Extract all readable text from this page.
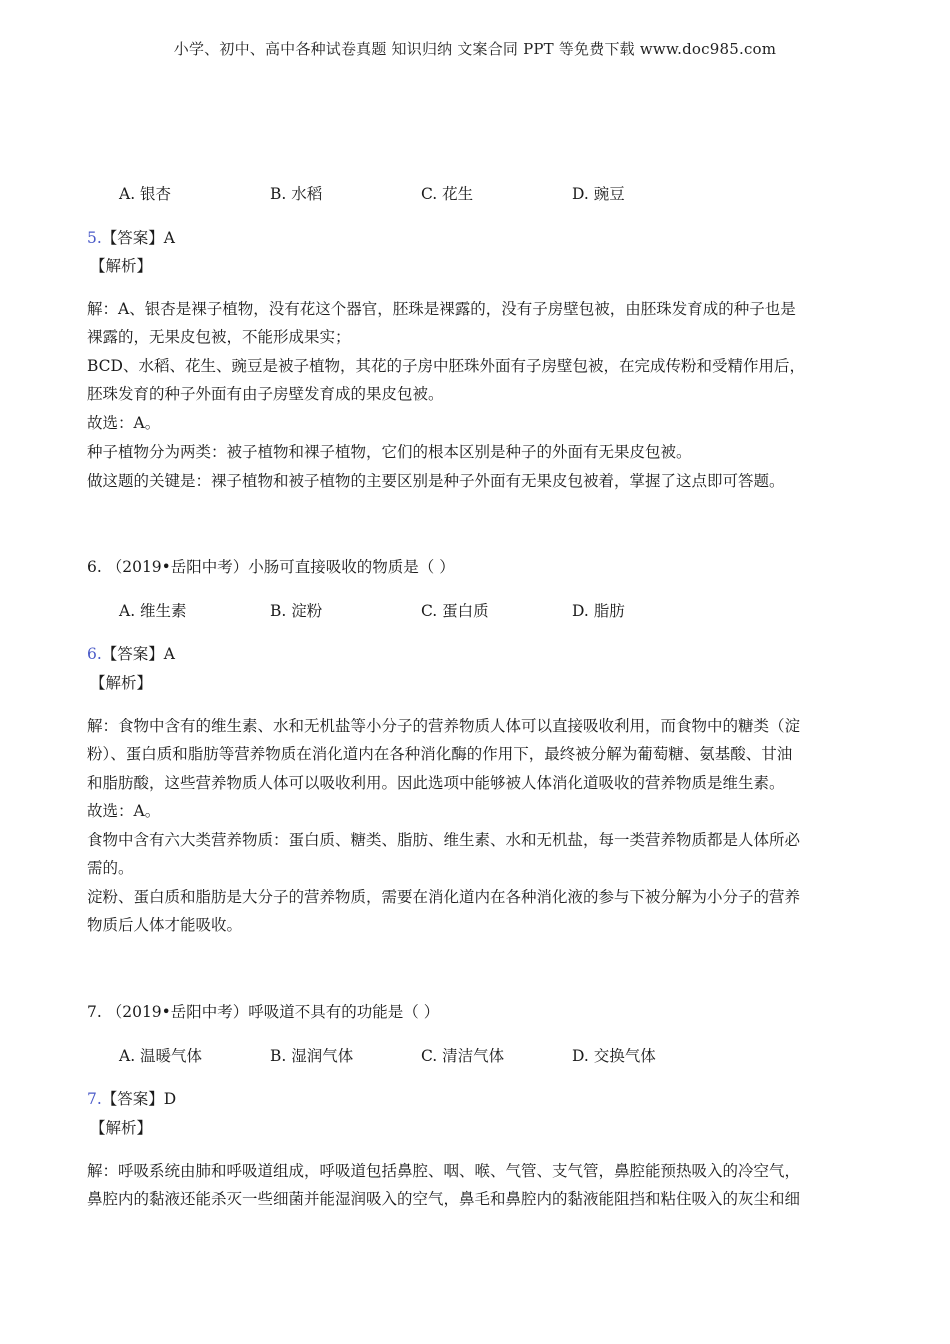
小学、初中、高中各种试卷真题 知识归纳 文案合同 PPT 等免费下载 www.doc985.com
A. 银杏	B. 水稻	C. 花生	D. 豌豆
5.【答案】A
【解析】
解：A、银杏是裸子植物，没有花这个器官，胚珠是裸露的，没有子房壁包被，由胚珠发育成的种子也是
裸露的，无果皮包被，不能形成果实；
BCD、水稻、花生、豌豆是被子植物，其花的子房中胚珠外面有子房壁包被，在完成传粉和受精作用后，
胚珠发育的种子外面有由子房壁发育成的果皮包被。
故选：A。
种子植物分为两类：被子植物和裸子植物，它们的根本区别是种子的外面有无果皮包被。
做这题的关键是：裸子植物和被子植物的主要区别是种子外面有无果皮包被着，掌握了这点即可答题。
6. （2019•岳阳中考）小肠可直接吸收的物质是（ ）
A. 维生素	B. 淀粉	C. 蛋白质	D. 脂肪
6.【答案】A
【解析】
解：食物中含有的维生素、水和无机盐等小分子的营养物质人体可以直接吸收利用，而食物中的糖类（淀
粉）、蛋白质和脂肪等营养物质在消化道内在各种消化酶的作用下，最终被分解为葡萄糖、氨基酸、甘油
和脂肪酸，这些营养物质人体可以吸收利用。因此选项中能够被人体消化道吸收的营养物质是维生素。
故选：A。
食物中含有六大类营养物质：蛋白质、糖类、脂肪、维生素、水和无机盐，每一类营养物质都是人体所必
需的。
淀粉、蛋白质和脂肪是大分子的营养物质，需要在消化道内在各种消化液的参与下被分解为小分子的营养
物质后人体才能吸收。
7. （2019•岳阳中考）呼吸道不具有的功能是（ ）
A. 温暖气体	B. 湿润气体	C. 清洁气体	D. 交换气体
7.【答案】D
【解析】
解：呼吸系统由肺和呼吸道组成，呼吸道包括鼻腔、咽、喉、气管、支气管，鼻腔能预热吸入的冷空气，
鼻腔内的黏液还能杀灭一些细菌并能湿润吸入的空气，鼻毛和鼻腔内的黏液能阻挡和粘住吸入的灰尘和细
